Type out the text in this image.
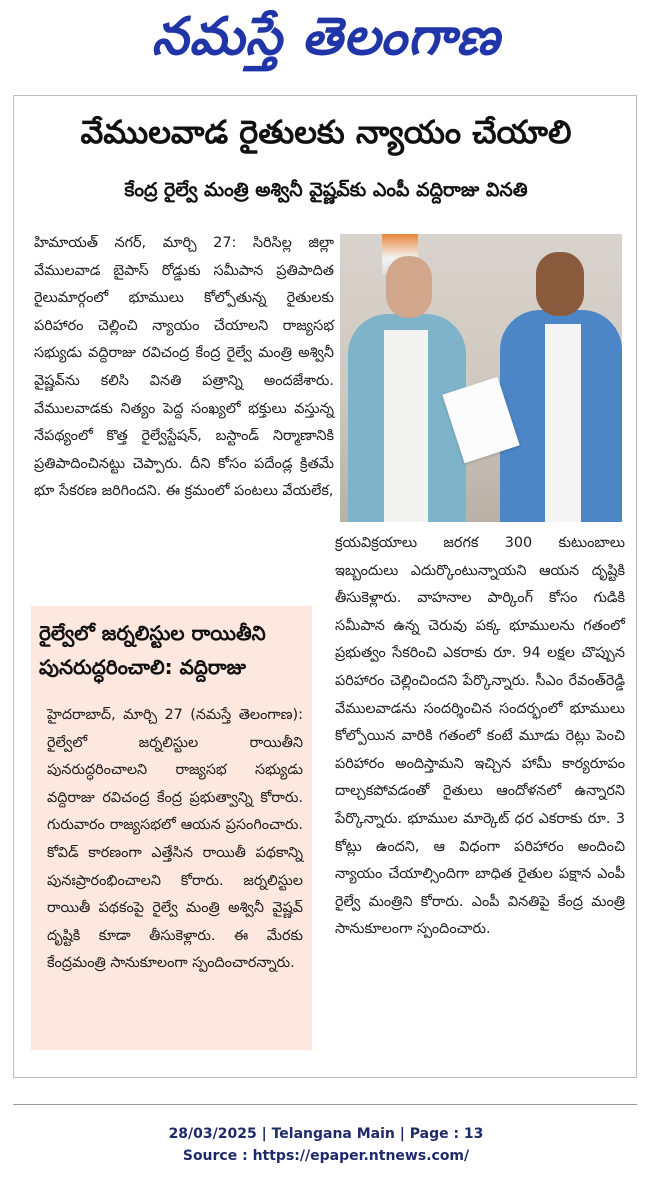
నమస్తే తెలంగాణ
వేములవాడ రైతులకు న్యాయం చేయాలి
కేంద్ర రైల్వే మంత్రి అశ్వినీ వైష్ణవ్‌కు ఎంపీ వద్దిరాజు వినతి
హిమాయత్ నగర్, మార్చి 27: సిరిసిల్ల జిల్లా వేములవాడ బైపాస్ రోడ్డుకు సమీపాన ప్రతిపాదిత రైలుమార్గంలో భూములు కోల్పోతున్న రైతులకు పరిహారం చెల్లించి న్యాయం చేయాలని రాజ్యసభ సభ్యుడు వద్దిరాజు రవిచంద్ర కేంద్ర రైల్వే మంత్రి అశ్వినీ వైష్ణవ్‌ను కలిసి వినతి పత్రాన్ని అందజేశారు. వేములవాడకు నిత్యం పెద్ద సంఖ్యలో భక్తులు వస్తున్న నేపథ్యంలో కొత్త రైల్వేస్టేషన్, బస్టాండ్ నిర్మాణానికి ప్రతిపాదించినట్టు చెప్పారు. దీని కోసం పదేండ్ల క్రితమే భూ సేకరణ జరిగిందని. ఈ క్రమంలో పంటలు వేయలేక,
క్రయవిక్రయాలు జరగక 300 కుటుంబాలు ఇబ్బందులు ఎదుర్కొంటున్నాయని ఆయన దృష్టికి తీసుకెళ్లారు. వాహనాల పార్కింగ్ కోసం గుడికి సమీపాన ఉన్న చెరువు పక్క భూములను గతంలో ప్రభుత్వం సేకరించి ఎకరాకు రూ. 94 లక్షల చొప్పున పరిహారం చెల్లించిందని పేర్కొన్నారు. సీఎం రేవంత్‌రెడ్డి వేములవాడను సందర్శించిన సందర్భంలో భూములు కోల్పోయిన వారికి గతంలో కంటే మూడు రెట్లు పెంచి పరిహారం అందిస్తామని ఇచ్చిన హామీ కార్యరూపం దాల్చకపోవడంతో రైతులు ఆందోళనలో ఉన్నారని పేర్కొన్నారు. భూముల మార్కెట్ ధర ఎకరాకు రూ. 3 కోట్లు ఉందని, ఆ విధంగా పరిహారం అందించి న్యాయం చేయాల్సిందిగా బాధిత రైతుల పక్షాన ఎంపీ రైల్వే మంత్రిని కోరారు. ఎంపీ వినతిపై కేంద్ర మంత్రి సానుకూలంగా స్పందించారు.
రైల్వేలో జర్నలిస్టుల రాయితీని పునరుద్ధరించాలి: వద్దిరాజు
హైదరాబాద్, మార్చి 27 (నమస్తే తెలంగాణ): రైల్వేలో జర్నలిస్టుల రాయితీని పునరుద్ధరించాలని రాజ్యసభ సభ్యుడు వద్దిరాజు రవిచంద్ర కేంద్ర ప్రభుత్వాన్ని కోరారు. గురువారం రాజ్యసభలో ఆయన ప్రసంగించారు. కోవిడ్ కారణంగా ఎత్తేసిన రాయితీ పథకాన్ని పునఃప్రారంభించాలని కోరారు. జర్నలిస్టుల రాయితీ పథకంపై రైల్వే మంత్రి అశ్వినీ వైష్ణవ్ దృష్టికి కూడా తీసుకెళ్లారు. ఈ మేరకు కేంద్రమంత్రి సానుకూలంగా స్పందించారన్నారు.
28/03/2025 | Telangana Main | Page : 13
Source : https://epaper.ntnews.com/
